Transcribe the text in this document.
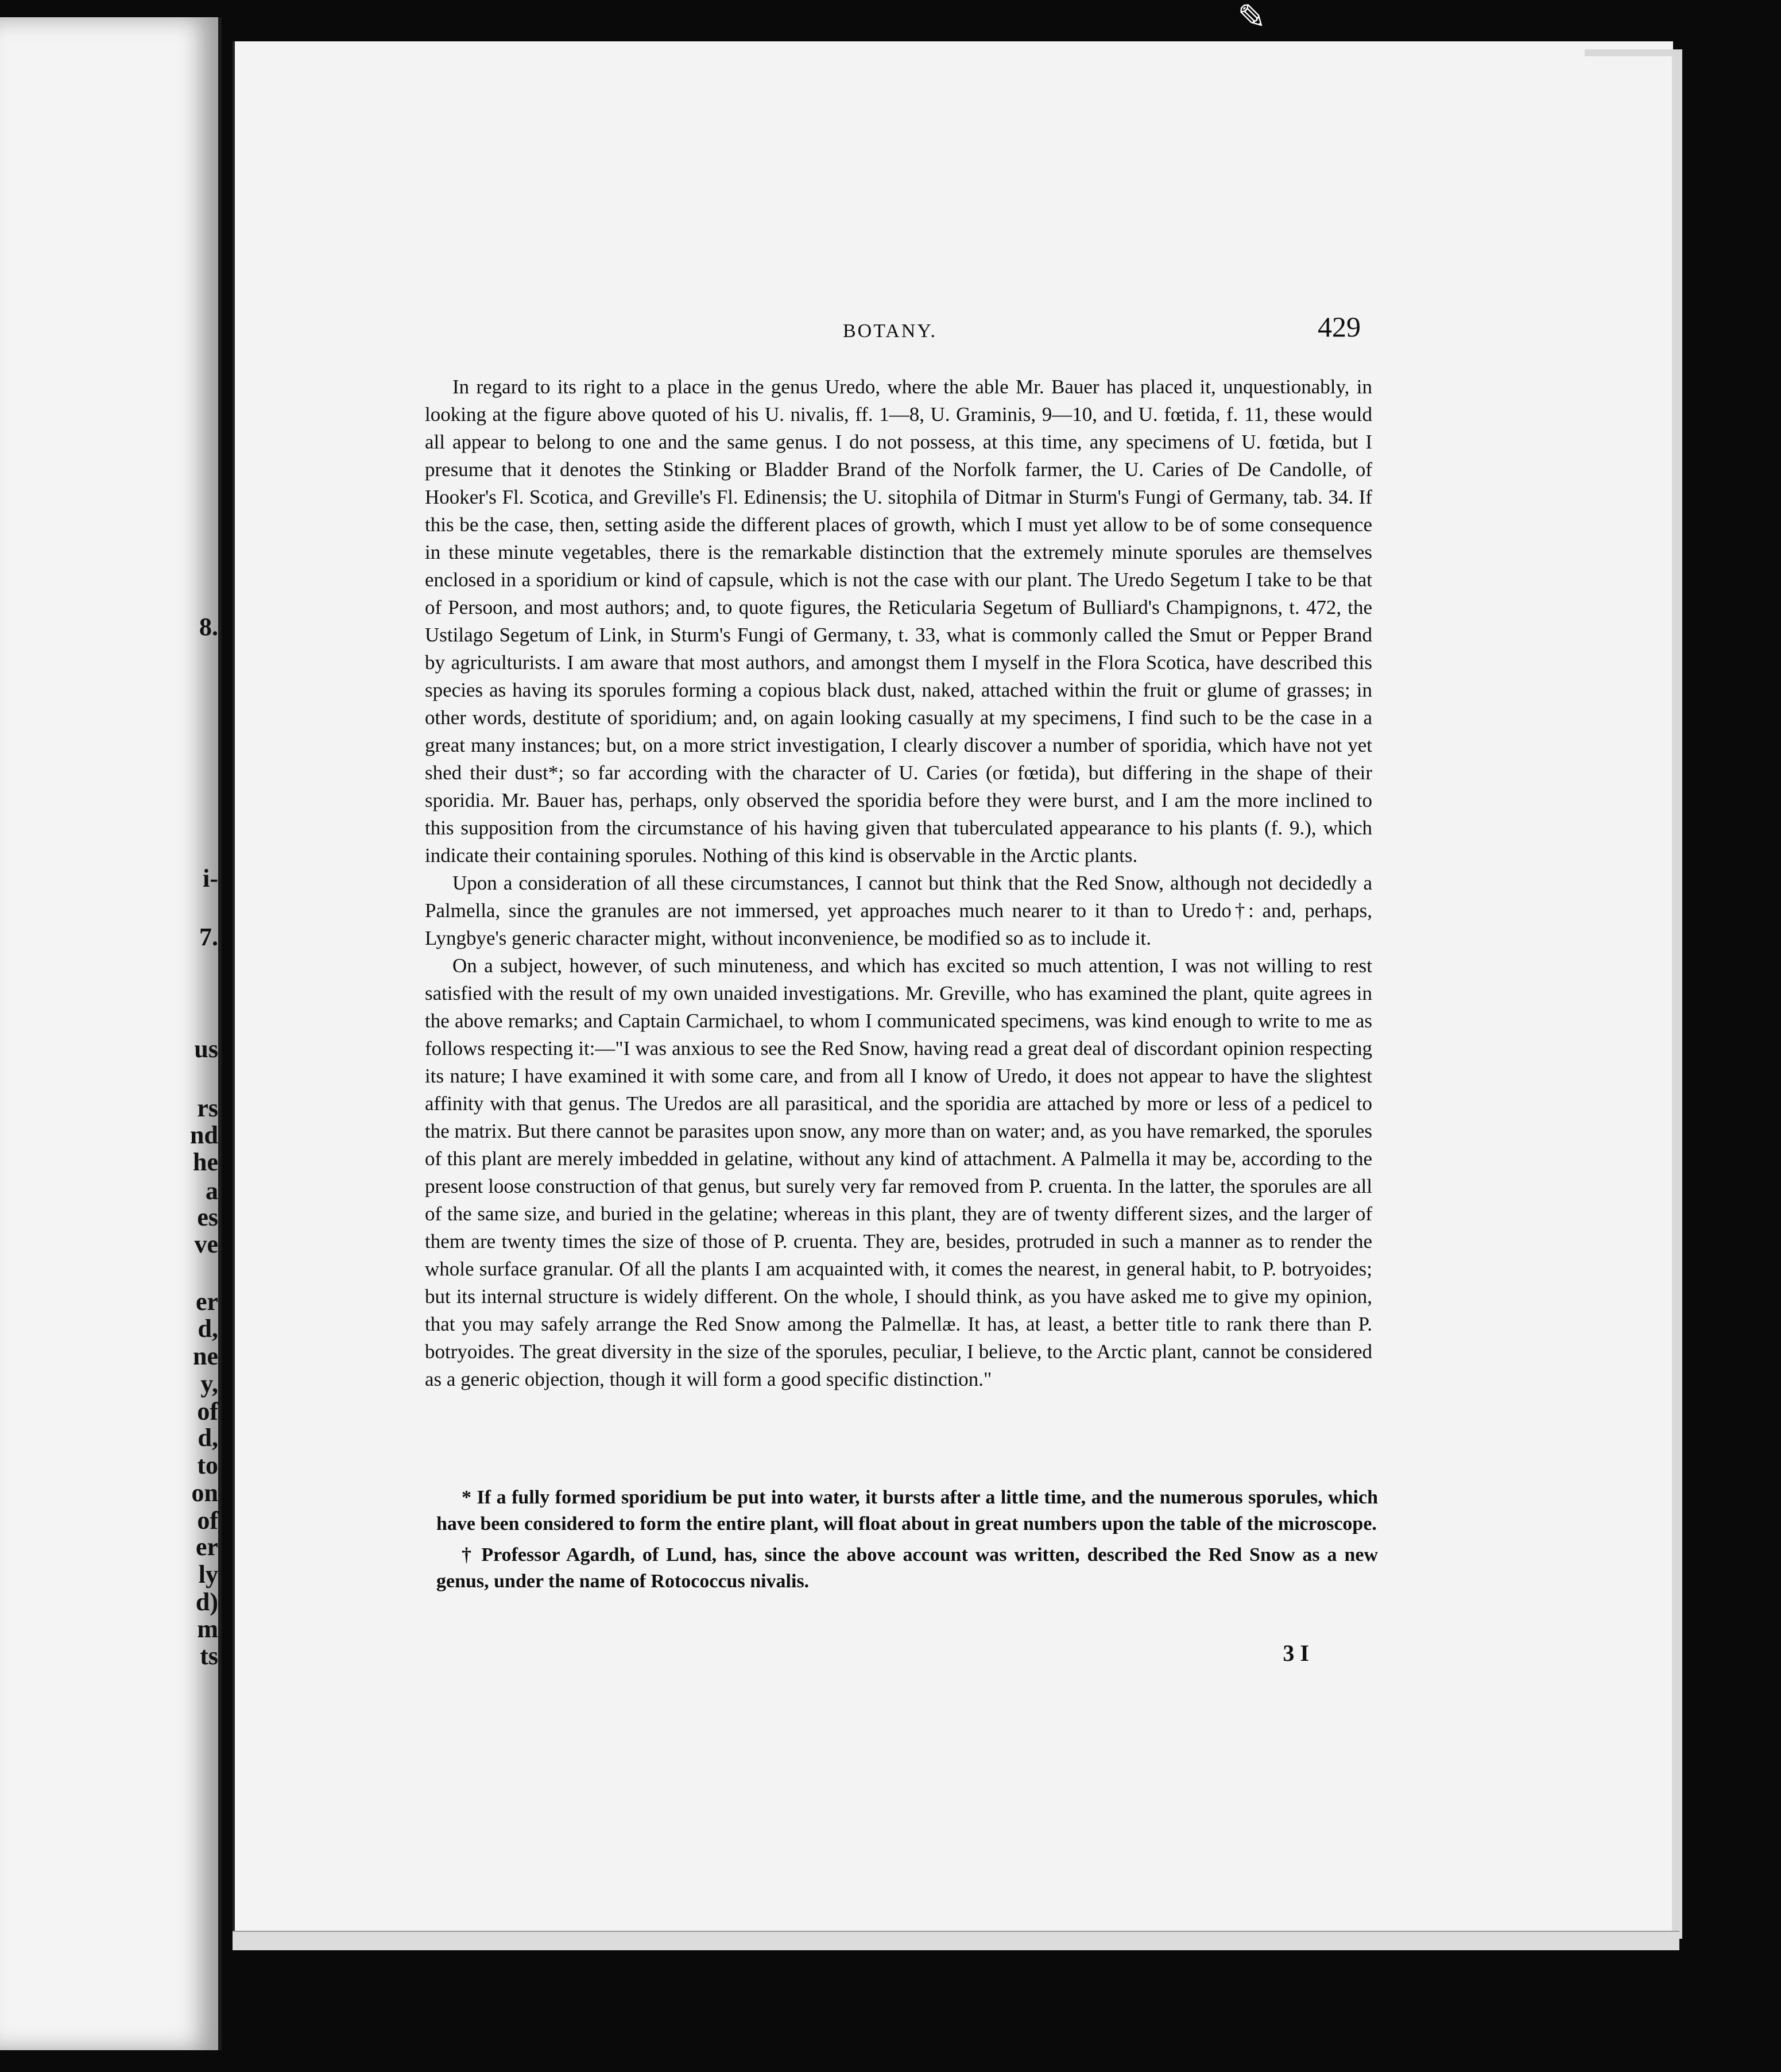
✎
8.
i-
7.
us
rs
nd
he
a
es
ve
er
d,
ne
y,
of
d,
to
on
of
er
ly
d)
m
ts
BOTANY.	429

In regard to its right to a place in the genus Uredo, where the able Mr. Bauer has placed it, unquestionably, in looking at the figure above quoted of his U. nivalis, ff. 1—8, U. Graminis, 9—10, and U. fœtida, f. 11, these would all appear to belong to one and the same genus. I do not possess, at this time, any specimens of U. fœtida, but I presume that it denotes the Stinking or Bladder Brand of the Norfolk farmer, the U. Caries of De Candolle, of Hooker's Fl. Scotica, and Greville's Fl. Edinensis; the U. sitophila of Ditmar in Sturm's Fungi of Germany, tab. 34. If this be the case, then, setting aside the different places of growth, which I must yet allow to be of some consequence in these minute vegetables, there is the remarkable distinction that the extremely minute sporules are themselves enclosed in a sporidium or kind of capsule, which is not the case with our plant. The Uredo Segetum I take to be that of Persoon, and most authors; and, to quote figures, the Reticularia Segetum of Bulliard's Champignons, t. 472, the Ustilago Segetum of Link, in Sturm's Fungi of Germany, t. 33, what is commonly called the Smut or Pepper Brand by agriculturists. I am aware that most authors, and amongst them I myself in the Flora Scotica, have described this species as having its sporules forming a copious black dust, naked, attached within the fruit or glume of grasses; in other words, destitute of sporidium; and, on again looking casually at my specimens, I find such to be the case in a great many instances; but, on a more strict investigation, I clearly discover a number of sporidia, which have not yet shed their dust*; so far according with the character of U. Caries (or fœtida), but differing in the shape of their sporidia. Mr. Bauer has, perhaps, only observed the sporidia before they were burst, and I am the more inclined to this supposition from the circumstance of his having given that tuberculated appearance to his plants (f. 9.), which indicate their containing sporules. Nothing of this kind is observable in the Arctic plants.

Upon a consideration of all these circumstances, I cannot but think that the Red Snow, although not decidedly a Palmella, since the granules are not immersed, yet approaches much nearer to it than to Uredo†: and, perhaps, Lyngbye's generic character might, without inconvenience, be modified so as to include it.

On a subject, however, of such minuteness, and which has excited so much attention, I was not willing to rest satisfied with the result of my own unaided investigations. Mr. Greville, who has examined the plant, quite agrees in the above remarks; and Captain Carmichael, to whom I communicated specimens, was kind enough to write to me as follows respecting it:—"I was anxious to see the Red Snow, having read a great deal of discordant opinion respecting its nature; I have examined it with some care, and from all I know of Uredo, it does not appear to have the slightest affinity with that genus. The Uredos are all parasitical, and the sporidia are attached by more or less of a pedicel to the matrix. But there cannot be parasites upon snow, any more than on water; and, as you have remarked, the sporules of this plant are merely imbedded in gelatine, without any kind of attachment. A Palmella it may be, according to the present loose construction of that genus, but surely very far removed from P. cruenta. In the latter, the sporules are all of the same size, and buried in the gelatine; whereas in this plant, they are of twenty different sizes, and the larger of them are twenty times the size of those of P. cruenta. They are, besides, protruded in such a manner as to render the whole surface granular. Of all the plants I am acquainted with, it comes the nearest, in general habit, to P. botryoides; but its internal structure is widely different. On the whole, I should think, as you have asked me to give my opinion, that you may safely arrange the Red Snow among the Palmellæ. It has, at least, a better title to rank there than P. botryoides. The great diversity in the size of the sporules, peculiar, I believe, to the Arctic plant, cannot be considered as a generic objection, though it will form a good specific distinction."

* If a fully formed sporidium be put into water, it bursts after a little time, and the numerous sporules, which have been considered to form the entire plant, will float about in great numbers upon the table of the microscope.

† Professor Agardh, of Lund, has, since the above account was written, described the Red Snow as a new genus, under the name of Rotococcus nivalis.

3 I
